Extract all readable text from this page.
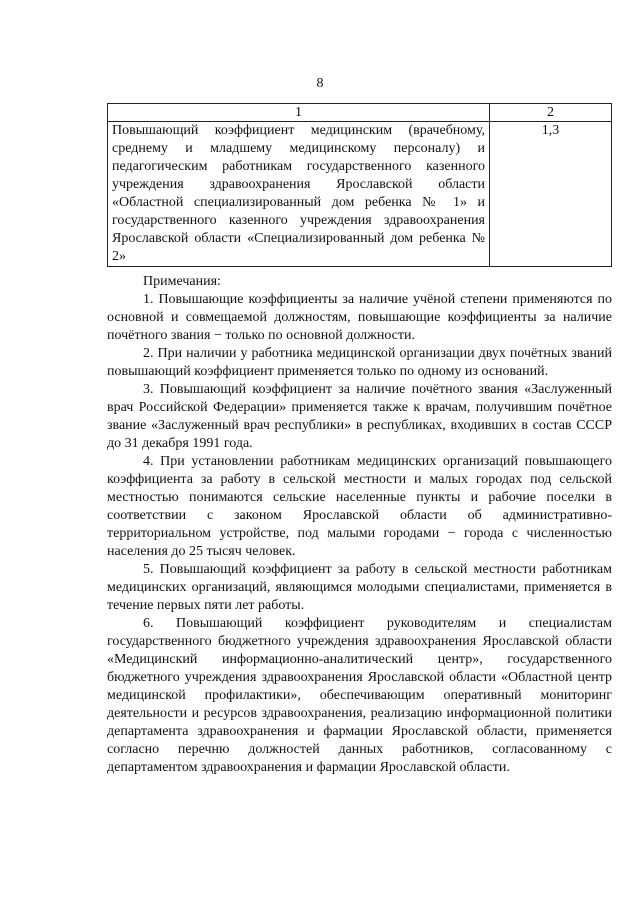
8
1	2

Повышающий коэффициент медицинским (врачебному, среднему и младшему медицинскому персоналу) и педагогическим работникам государственного казенного учреждения здравоохранения Ярославской области «Областной специализированный дом ребенка № 1» и государственного казенного учреждения здравоохранения Ярославской области «Специализированный дом ребенка № 2»	1,3

Примечания:

1. Повышающие коэффициенты за наличие учёной степени применяются по основной и совмещаемой должностям, повышающие коэффициенты за наличие почётного звания − только по основной должности.

2. При наличии у работника медицинской организации двух почётных званий повышающий коэффициент применяется только по одному из оснований.

3. Повышающий коэффициент за наличие почётного звания «Заслуженный врач Российской Федерации» применяется также к врачам, получившим почётное звание «Заслуженный врач республики» в республиках, входивших в состав СССР до 31 декабря 1991 года.

4. При установлении работникам медицинских организаций повышающего коэффициента за работу в сельской местности и малых городах под сельской местностью понимаются сельские населенные пункты и рабочие поселки в соответствии с законом Ярославской области об административно-территориальном устройстве, под малыми городами − города с численностью населения до 25 тысяч человек.

5. Повышающий коэффициент за работу в сельской местности работникам медицинских организаций, являющимся молодыми специалистами, применяется в течение первых пяти лет работы.

6. Повышающий коэффициент руководителям и специалистам государственного бюджетного учреждения здравоохранения Ярославской области «Медицинский информационно-аналитический центр», государственного бюджетного учреждения здравоохранения Ярославской области «Областной центр медицинской профилактики», обеспечивающим оперативный мониторинг деятельности и ресурсов здравоохранения, реализацию информационной политики департамента здравоохранения и фармации Ярославской области, применяется согласно перечню должностей данных работников, согласованному с департаментом здравоохранения и фармации Ярославской области.
